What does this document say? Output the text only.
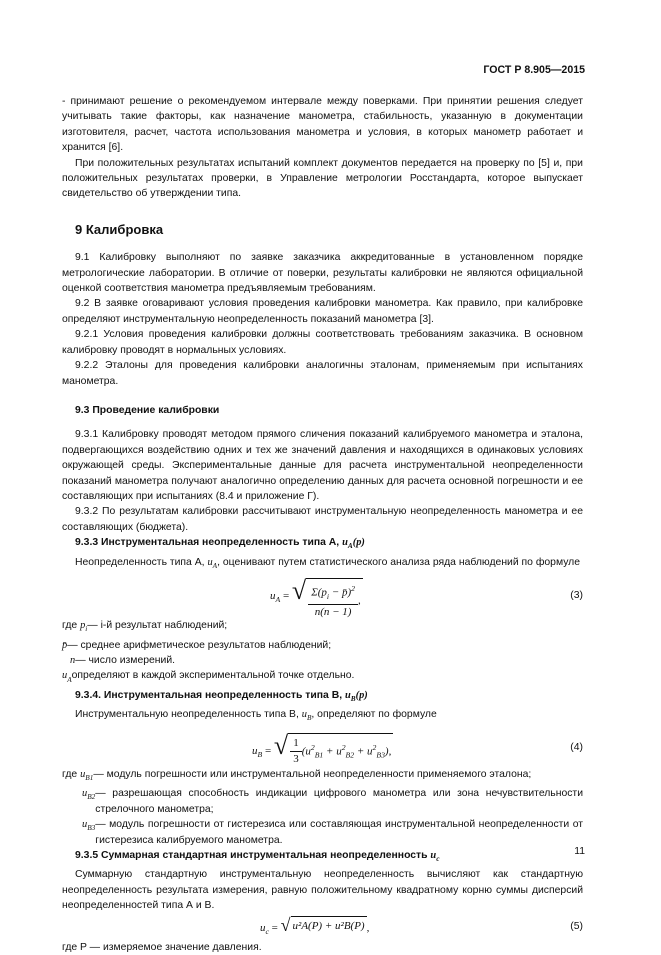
ГОСТ Р 8.905—2015

- принимают решение о рекомендуемом интервале между поверками. При принятии решения следует учитывать такие факторы, как назначение манометра, стабильность, указанную в документации изготовителя, расчет, частота использования манометра и условия, в которых манометр работает и хранится [6].

При положительных результатах испытаний комплект документов передается на проверку по [5] и, при положительных результатах проверки, в Управление метрологии Росстандарта, которое выпускает свидетельство об утверждении типа.

9 Калибровка

9.1 Калибровку выполняют по заявке заказчика аккредитованные в установленном порядке метрологические лаборатории. В отличие от поверки, результаты калибровки не являются официальной оценкой соответствия манометра предъявляемым требованиям.

9.2 В заявке оговаривают условия проведения калибровки манометра. Как правило, при калибровке определяют инструментальную неопределенность показаний манометра [3].

9.2.1 Условия проведения калибровки должны соответствовать требованиям заказчика. В основном калибровку проводят в нормальных условиях.

9.2.2 Эталоны для проведения калибровки аналогичны эталонам, применяемым при испытаниях манометра.

9.3 Проведение калибровки

9.3.1 Калибровку проводят методом прямого сличения показаний калибруемого манометра и эталона, подвергающихся воздействию одних и тех же значений давления и находящихся в одинаковых условиях окружающей среды. Экспериментальные данные для расчета инструментальной неопределенности показаний манометра получают аналогично определению данных для расчета основной погрешности и ее составляющих при испытаниях (8.4 и приложение Г).

9.3.2 По результатам калибровки рассчитывают инструментальную неопределенность манометра и ее составляющих (бюджета).

9.3.3 Инструментальная неопределенность типа А, $u_A(p)$

Неопределенность типа А, $u_A$, оценивают путем статистического анализа ряда наблюдений по формуле

$u_A$ = √ $\frac{\Sigma(p_i - p̄)^2}{n(n - 1)}$ ,	(3)
где $p_i$ — i-й результат наблюдений;
p̄ — среднее арифметическое результатов наблюдений;
n — число измерений.
$u_A$ определяют в каждой экспериментальной точке отдельно.

9.3.4. Инструментальная неопределенность типа В, $u_B(p)$

Инструментальную неопределенность типа В, $u_B$, определяют по формуле

$u_B$ = √ $\frac{1}{3} (u^2_{B1} + u^2_{B2} + u^2_{B3})$,	(4)
где $u_{B1}$ — модуль погрешности или инструментальной неопределенности применяемого эталона;
$u_{B2}$ — разрешающая способность индикации цифрового манометра или зона нечувствительности стрелочного манометра;
$u_{B3}$ — модуль погрешности от гистерезиса или составляющая инструментальной неопределенности от гистерезиса калибруемого манометра.

9.3.5 Суммарная стандартная инструментальная неопределенность $u_c$

Суммарную стандартную инструментальную неопределенность вычисляют как стандартную неопределенность результата измерения, равную положительному квадратному корню суммы дисперсий неопределенностей типа А и В.

$u_c$ = √ u²A(P) + u²B(P) ,	(5)

где P — измеряемое значение давления.

11
